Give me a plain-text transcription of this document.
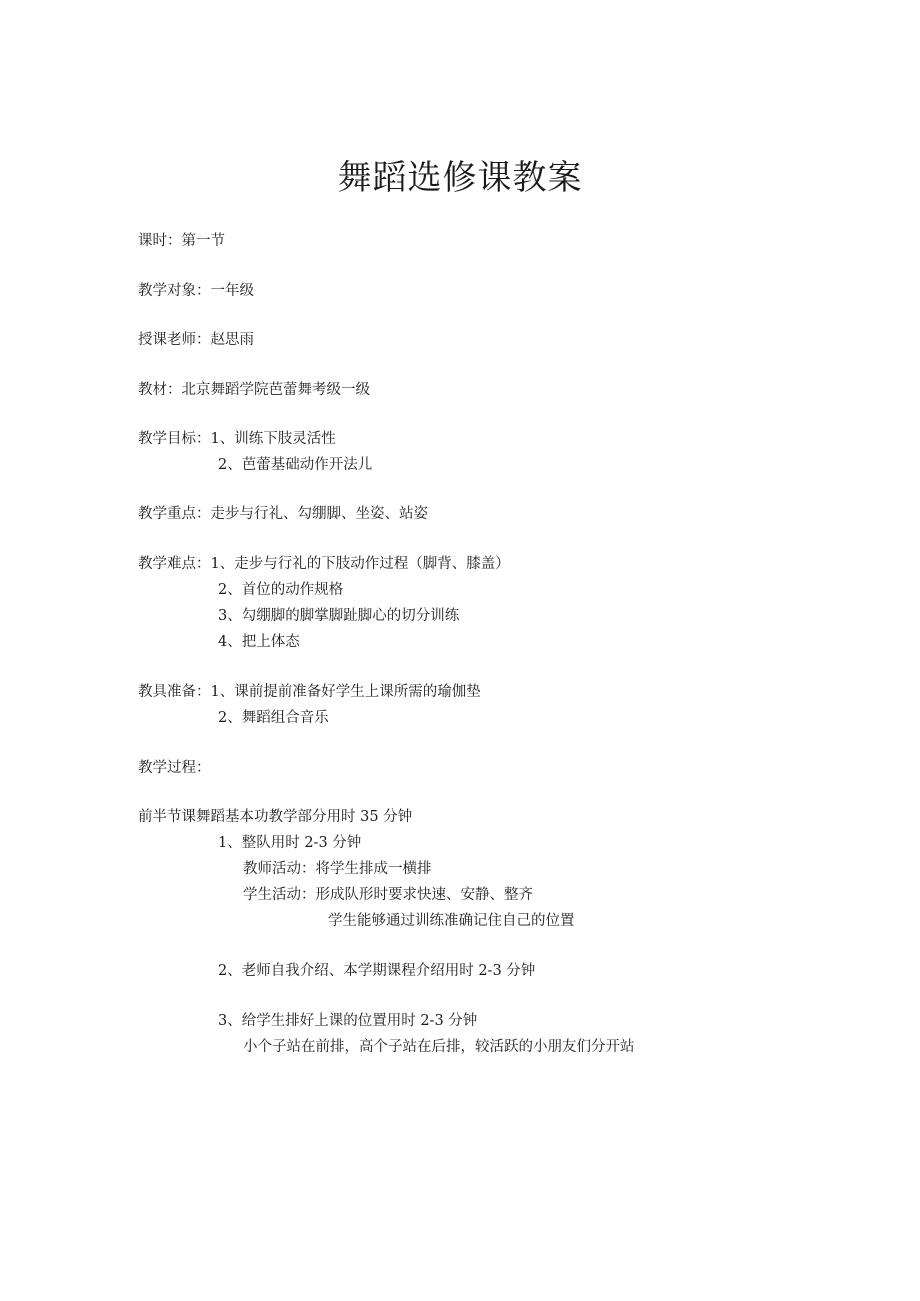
舞蹈选修课教案
课时：第一节
教学对象：一年级
授课老师：赵思雨
教材：北京舞蹈学院芭蕾舞考级一级
教学目标：1、训练下肢灵活性
2、芭蕾基础动作开法儿
教学重点：走步与行礼、勾绷脚、坐姿、站姿
教学难点：1、走步与行礼的下肢动作过程（脚背、膝盖）
2、首位的动作规格
3、勾绷脚的脚掌脚趾脚心的切分训练
4、把上体态
教具准备：1、课前提前准备好学生上课所需的瑜伽垫
2、舞蹈组合音乐
教学过程：
前半节课舞蹈基本功教学部分用时 35 分钟
1、整队用时 2-3 分钟
教师活动：将学生排成一横排
学生活动：形成队形时要求快速、安静、整齐
学生能够通过训练准确记住自己的位置
2、老师自我介绍、本学期课程介绍用时 2-3 分钟
3、给学生排好上课的位置用时 2-3 分钟
小个子站在前排，高个子站在后排，较活跃的小朋友们分开站
